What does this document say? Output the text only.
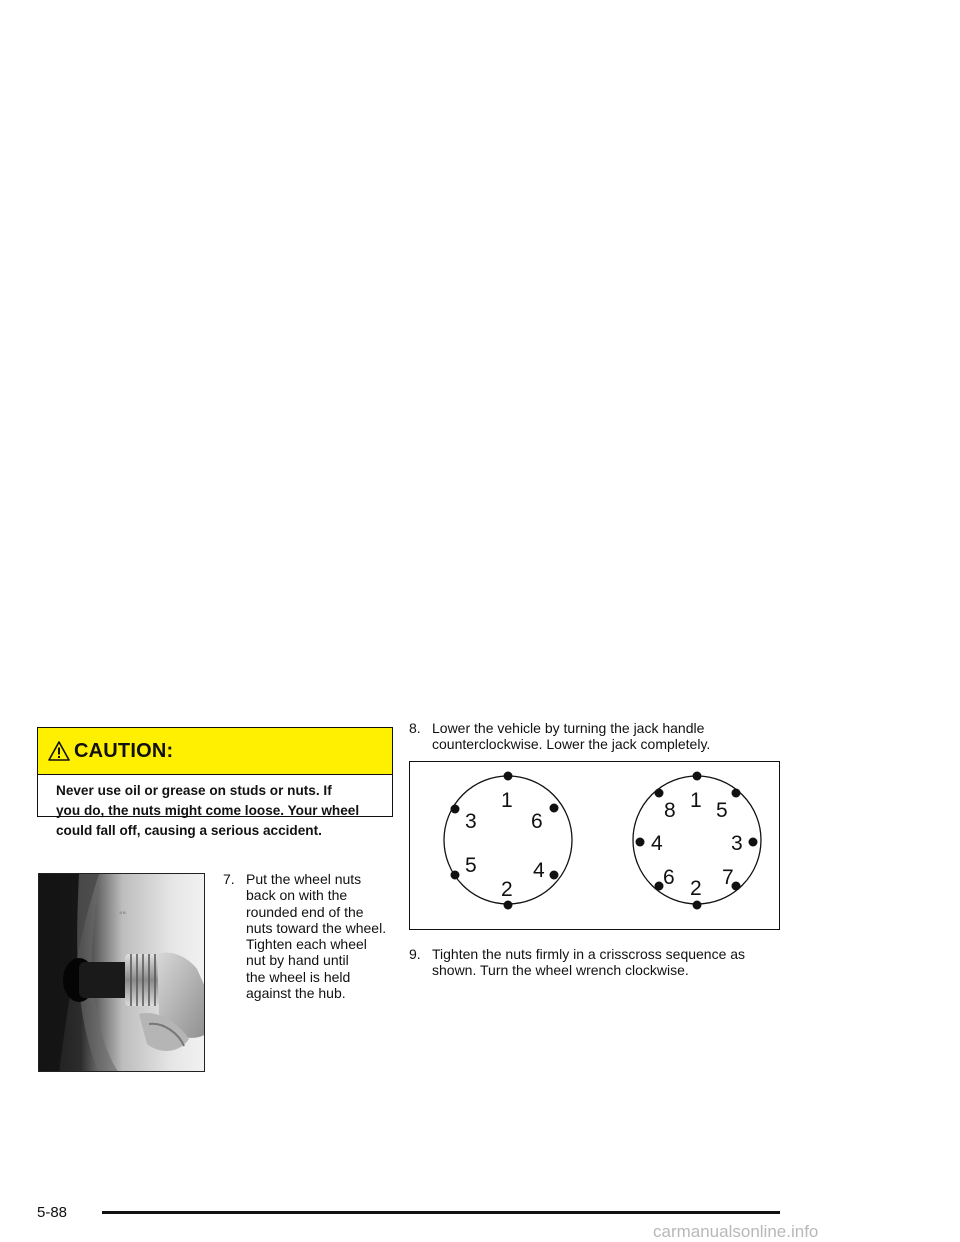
CAUTION:
Never use oil or grease on studs or nuts. If
you do, the nuts might come loose. Your wheel
could fall off, causing a serious accident.
▪▪
7. Put the wheel nuts
back on with the
rounded end of the
nuts toward the wheel.
Tighten each wheel
nut by hand until
the wheel is held
against the hub.
8. Lower the vehicle by turning the jack handle
counterclockwise. Lower the jack completely.
1
2
3
4
5
6
1
2
3
4
5
6 7
8
9. Tighten the nuts firmly in a crisscross sequence as
shown. Turn the wheel wrench clockwise.
5-88
carmanualsonline.info
